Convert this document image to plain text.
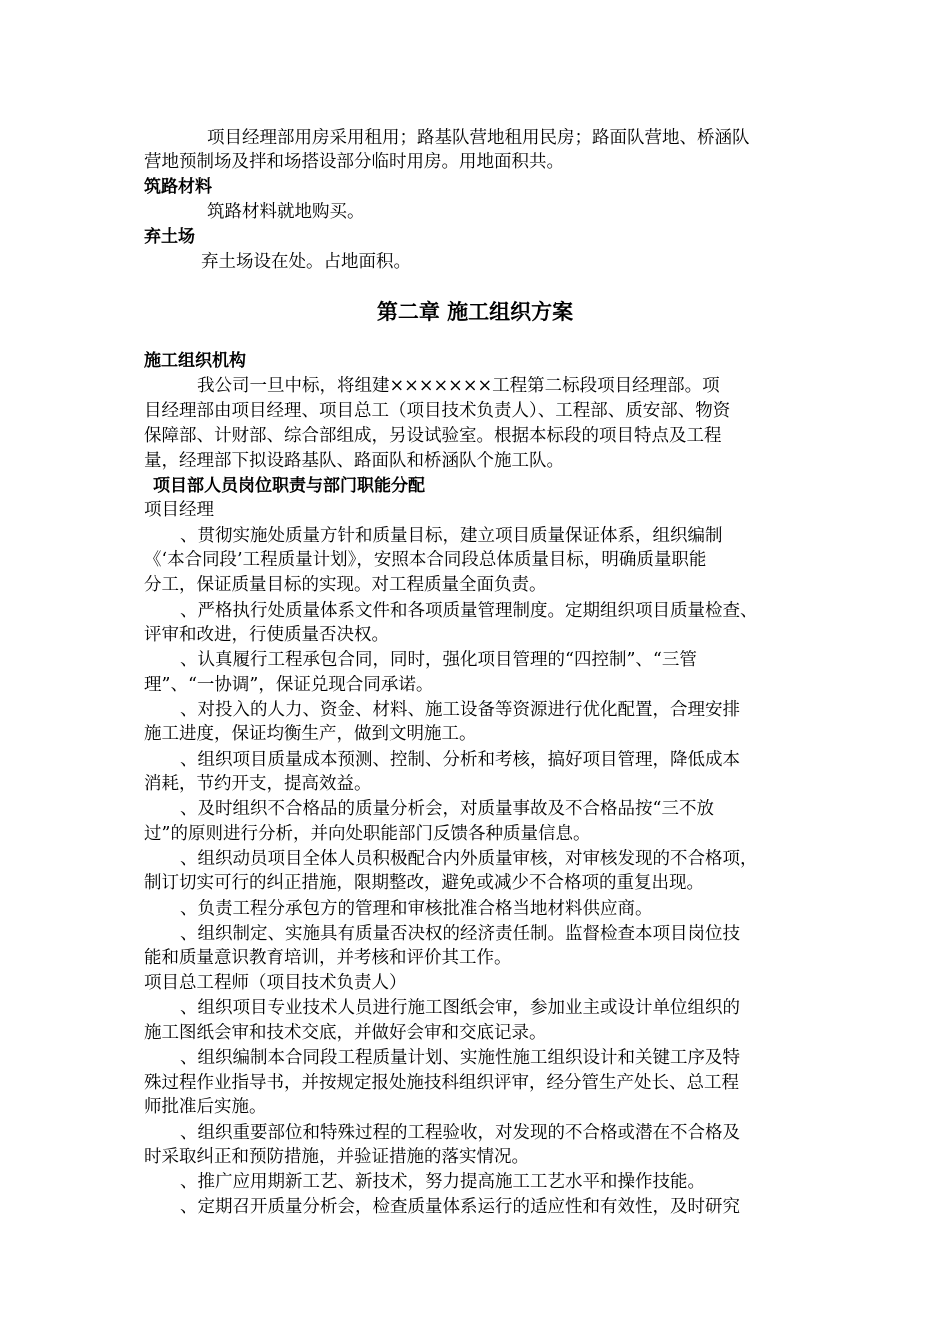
项目经理部用房采用租用；路基队营地租用民房；路面队营地、桥涵队
营地预制场及拌和场搭设部分临时用房。用地面积共。
筑路材料
筑路材料就地购买。
弃土场
弃土场设在处。占地面积。
第二章 施工组织方案
施工组织机构
我公司一旦中标，将组建×××××××工程第二标段项目经理部。项
目经理部由项目经理、项目总工（项目技术负责人）、工程部、质安部、物资
保障部、计财部、综合部组成，另设试验室。根据本标段的项目特点及工程
量，经理部下拟设路基队、路面队和桥涵队个施工队。
项目部人员岗位职责与部门职能分配
项目经理
、贯彻实施处质量方针和质量目标，建立项目质量保证体系，组织编制
《‘本合同段’工程质量计划》，安照本合同段总体质量目标，明确质量职能
分工，保证质量目标的实现。对工程质量全面负责。
、严格执行处质量体系文件和各项质量管理制度。定期组织项目质量检查、
评审和改进，行使质量否决权。
、认真履行工程承包合同，同时，强化项目管理的“四控制”、“三管
理”、“一协调”，保证兑现合同承诺。
、对投入的人力、资金、材料、施工设备等资源进行优化配置，合理安排
施工进度，保证均衡生产，做到文明施工。
、组织项目质量成本预测、控制、分析和考核，搞好项目管理，降低成本
消耗，节约开支，提高效益。
、及时组织不合格品的质量分析会，对质量事故及不合格品按“三不放
过”的原则进行分析，并向处职能部门反馈各种质量信息。
、组织动员项目全体人员积极配合内外质量审核，对审核发现的不合格项，
制订切实可行的纠正措施，限期整改，避免或减少不合格项的重复出现。
、负责工程分承包方的管理和审核批准合格当地材料供应商。
、组织制定、实施具有质量否决权的经济责任制。监督检查本项目岗位技
能和质量意识教育培训，并考核和评价其工作。
项目总工程师（项目技术负责人）
、组织项目专业技术人员进行施工图纸会审，参加业主或设计单位组织的
施工图纸会审和技术交底，并做好会审和交底记录。
、组织编制本合同段工程质量计划、实施性施工组织设计和关键工序及特
殊过程作业指导书，并按规定报处施技科组织评审，经分管生产处长、总工程
师批准后实施。
、组织重要部位和特殊过程的工程验收，对发现的不合格或潜在不合格及
时采取纠正和预防措施，并验证措施的落实情况。
、推广应用期新工艺、新技术，努力提高施工工艺水平和操作技能。
、定期召开质量分析会，检查质量体系运行的适应性和有效性，及时研究
